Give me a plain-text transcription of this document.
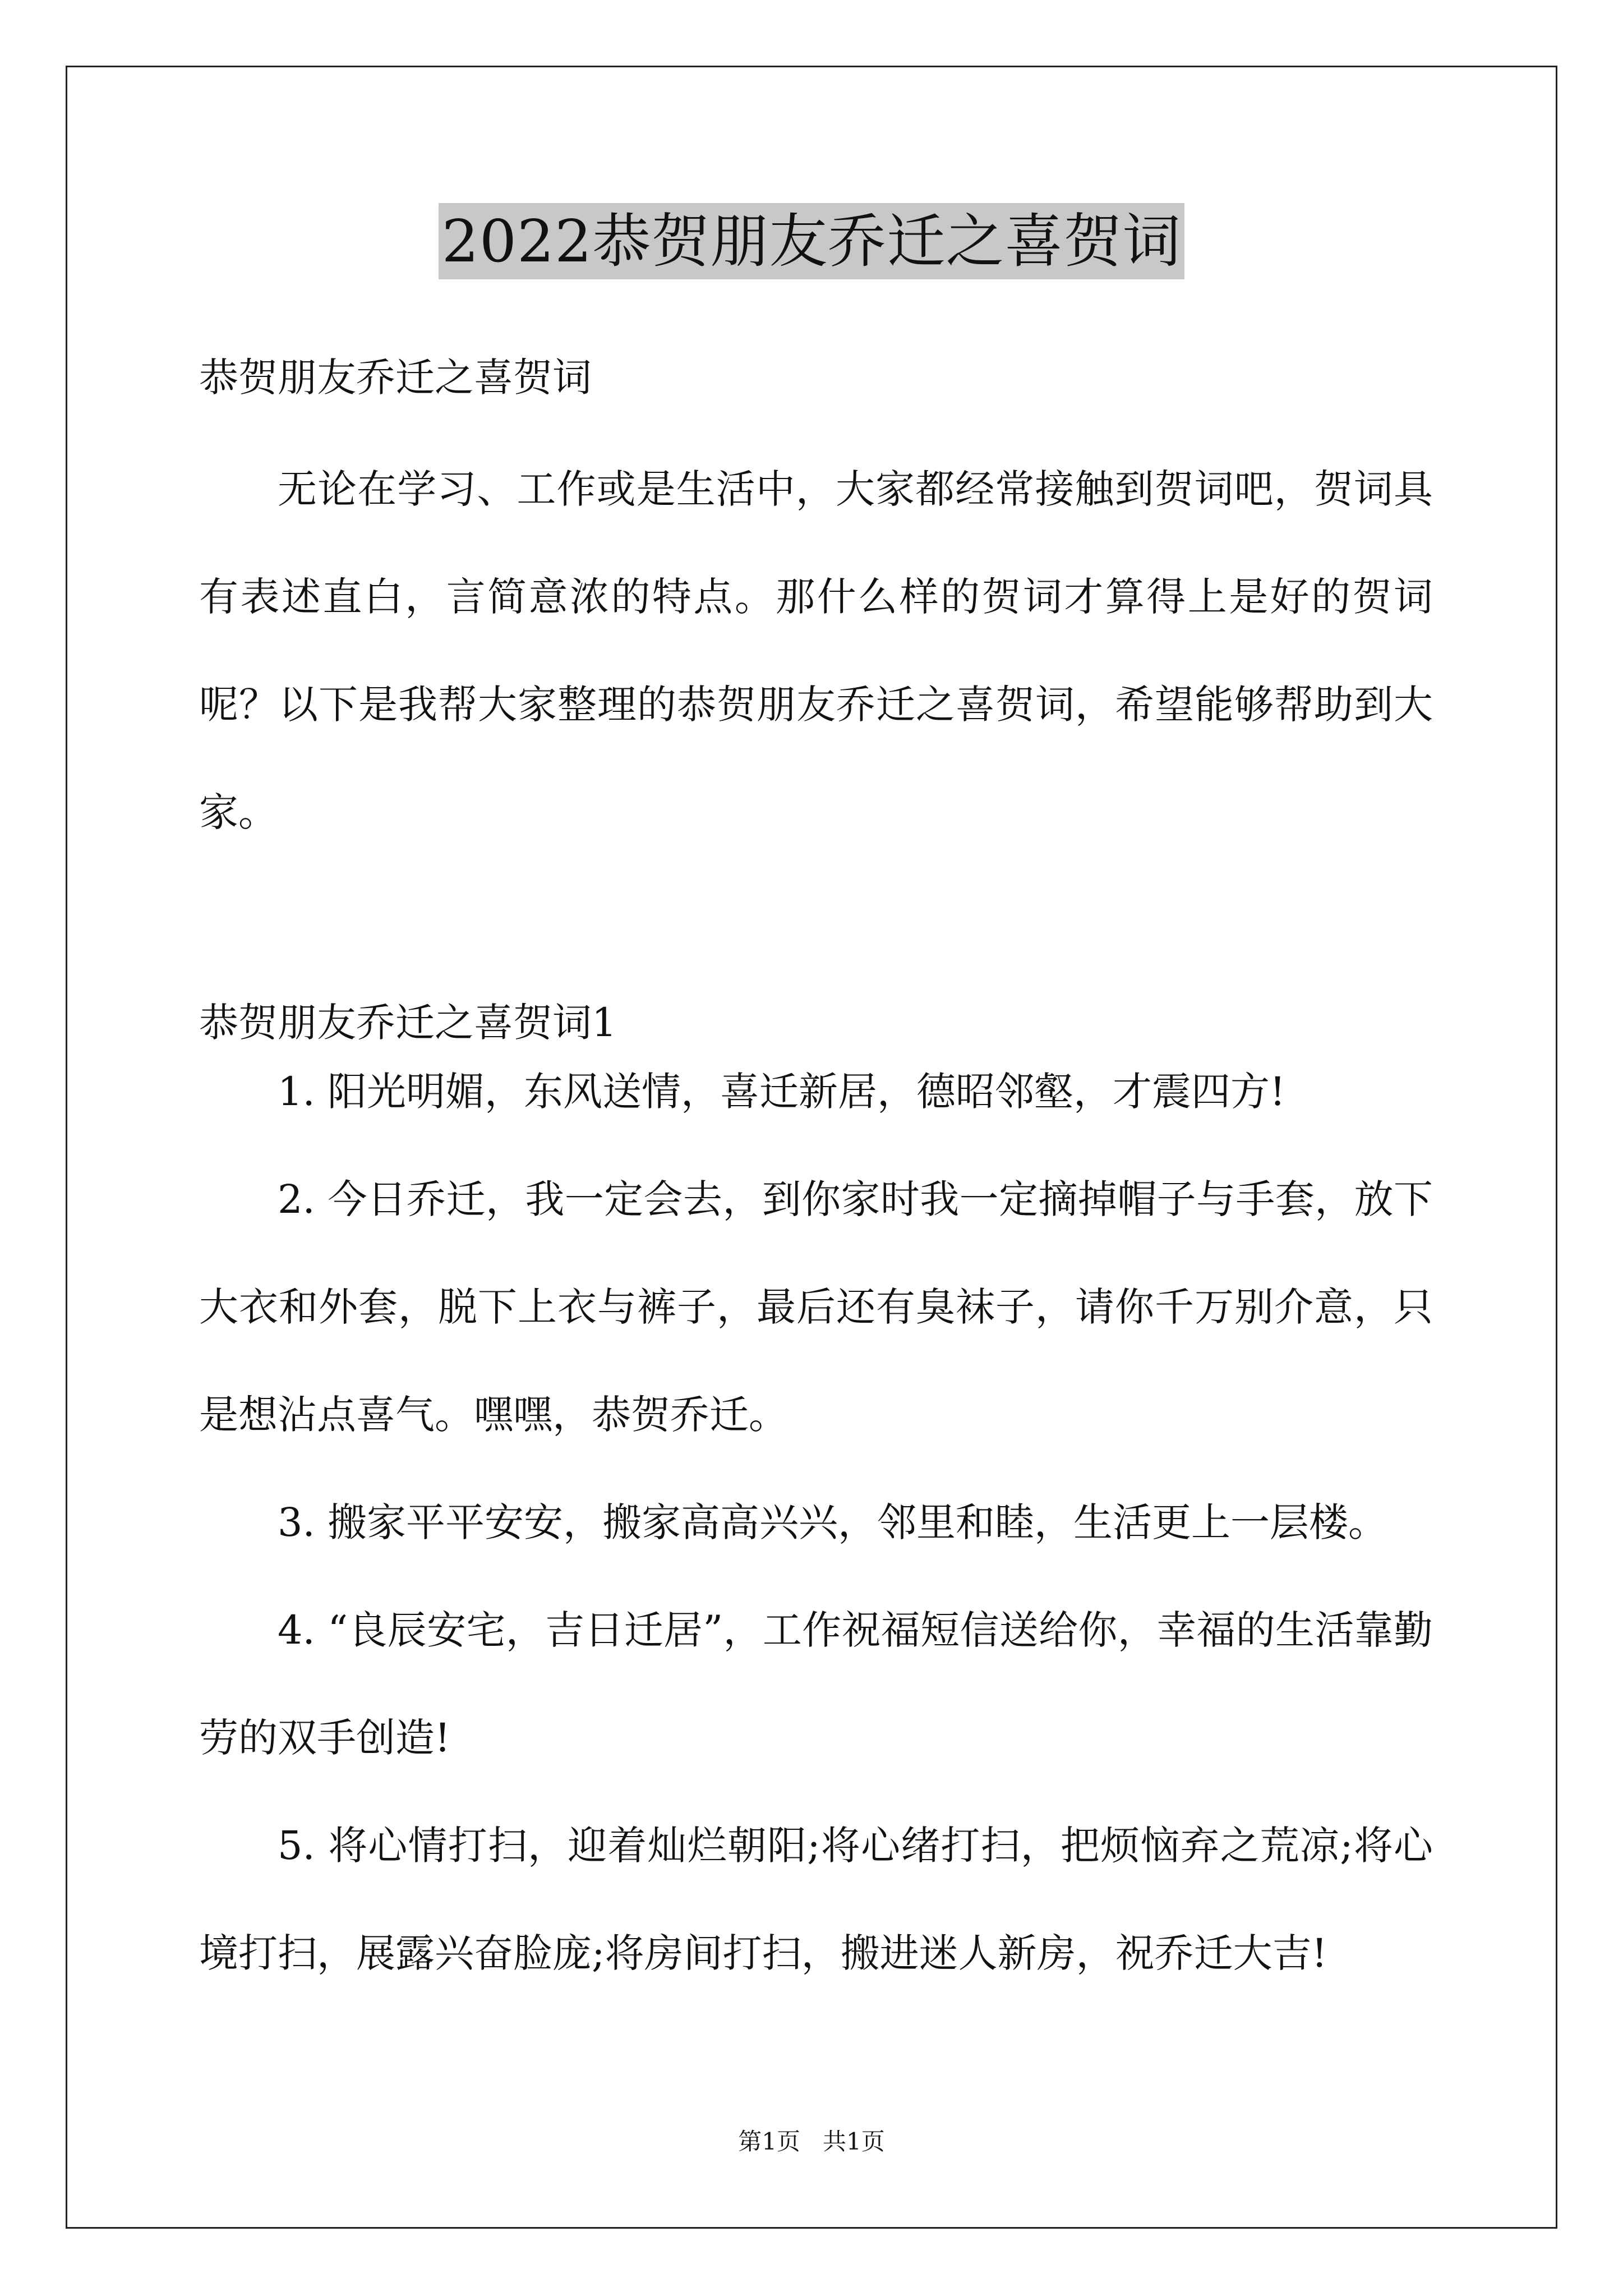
2022恭贺朋友乔迁之喜贺词
恭贺朋友乔迁之喜贺词

无论在学习、工作或是生活中，大家都经常接触到贺词吧，贺词具有表述直白，言简意浓的特点。那什么样的贺词才算得上是好的贺词呢？以下是我帮大家整理的恭贺朋友乔迁之喜贺词，希望能够帮助到大家。

恭贺朋友乔迁之喜贺词1

1. 阳光明媚，东风送情，喜迁新居，德昭邻壑，才震四方!

2. 今日乔迁，我一定会去，到你家时我一定摘掉帽子与手套，放下大衣和外套，脱下上衣与裤子，最后还有臭袜子，请你千万别介意，只是想沾点喜气。嘿嘿，恭贺乔迁。

3. 搬家平平安安，搬家高高兴兴，邻里和睦，生活更上一层楼。

4. “良辰安宅，吉日迁居”，工作祝福短信送给你，幸福的生活靠勤劳的双手创造!

5. 将心情打扫，迎着灿烂朝阳;将心绪打扫，把烦恼弃之荒凉;将心境打扫，展露兴奋脸庞;将房间打扫，搬进迷人新房，祝乔迁大吉!

第1页   共1页
